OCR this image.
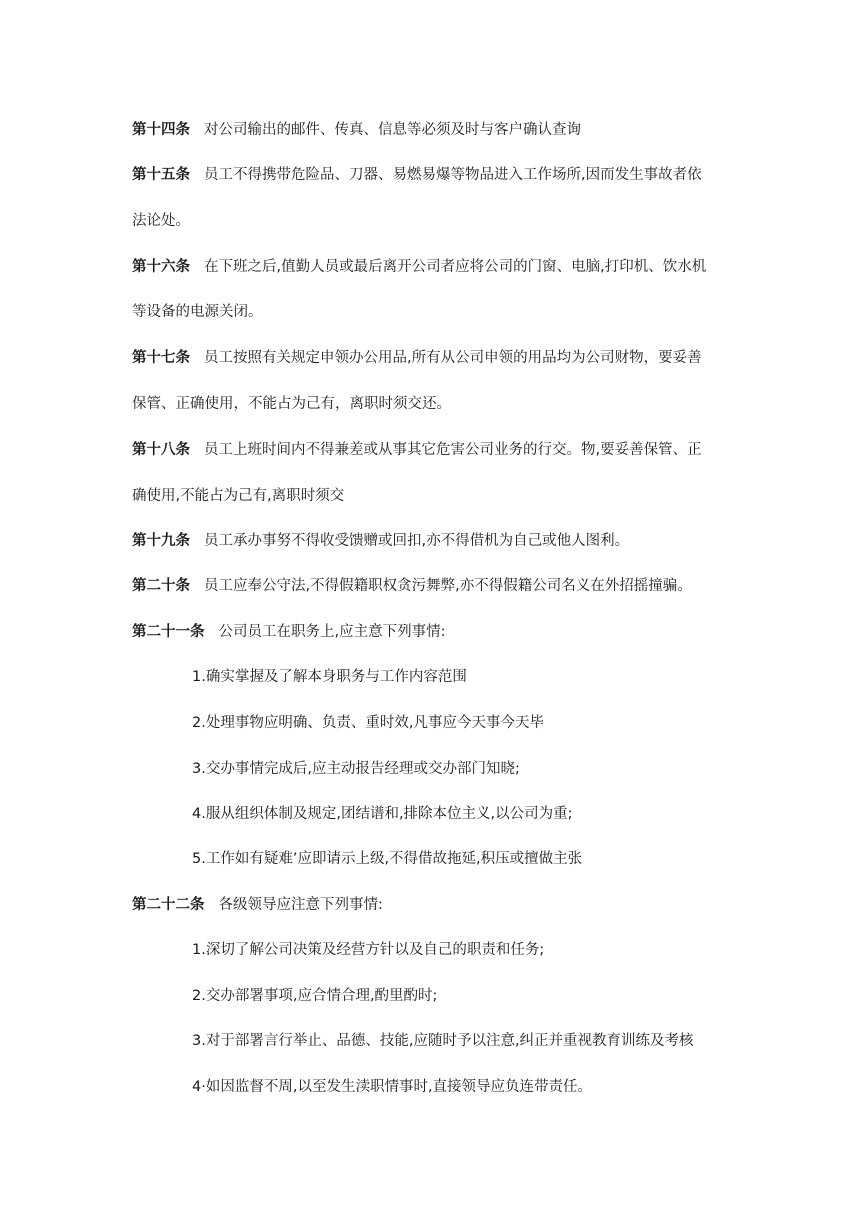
第十四条 对公司输出的邮件、传真、信息等必须及时与客户确认查询
第十五条 员工不得携带危险品、刀器、易燃易爆等物品进入工作场所,因而发生事故者依
法论处。
第十六条 在下班之后,值勤人员或最后离开公司者应将公司的门窗、电脑,打印机、饮水机
等设备的电源关闭。
第十七条 员工按照有关规定申领办公用品,所有从公司申领的用品均为公司财物，要妥善
保管、正确使用，不能占为己有，离职时须交还。
第十八条 员工上班时间内不得兼差或从事其它危害公司业务的行交。物,要妥善保管、正
确使用,不能占为己有,离职时须交
第十九条 员工承办事努不得收受馈赠或回扣,亦不得借机为自己或他人图利。
第二十条 员工应奉公守法,不得假籍职权贪污舞弊,亦不得假籍公司名义在外招摇撞骗。
第二十一条 公司员工在职务上,应主意下列事情:
1.确实掌握及了解本身职务与工作内容范围
2.处理事物应明确、负责、重时效,凡事应今天事今天毕
3.交办事情完成后,应主动报告经理或交办部门知晓;
4.服从组织体制及规定,团结谱和,排除本位主义,以公司为重;
5.工作如有疑难’应即请示上级,不得借故拖延,积压或擅做主张
第二十二条 各级领导应注意下列事情:
1.深切了解公司决策及经营方针以及自己的职责和任务;
2.交办部署事项,应合情合理,酌里酌时;
3.对于部署言行举止、品德、技能,应随时予以注意,纠正并重视教育训练及考核
4·如因监督不周,以至发生渎职情事时,直接领导应负连带责任。
